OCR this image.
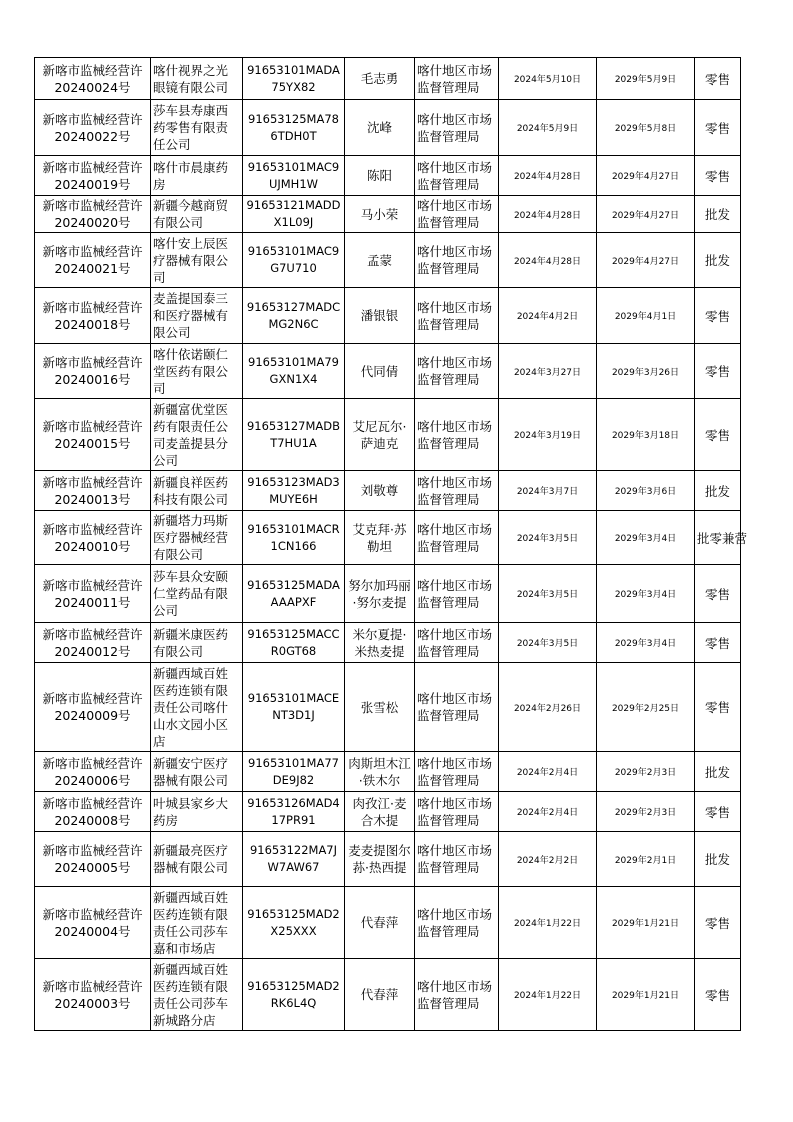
新喀市监械经营许20240024号	喀什视界之光眼镜有限公司	91653101MADA75YX82	毛志勇	喀什地区市场监督管理局	2024年5月10日	2029年5月9日	零售
新喀市监械经营许20240022号	莎车县寿康西药零售有限责任公司	91653125MA786TDH0T	沈峰	喀什地区市场监督管理局	2024年5月9日	2029年5月8日	零售
新喀市监械经营许20240019号	喀什市晨康药房	91653101MAC9UJMH1W	陈阳	喀什地区市场监督管理局	2024年4月28日	2029年4月27日	零售
新喀市监械经营许20240020号	新疆今越商贸有限公司	91653121MADDX1L09J	马小荣	喀什地区市场监督管理局	2024年4月28日	2029年4月27日	批发
新喀市监械经营许20240021号	喀什安上辰医疗器械有限公司	91653101MAC9G7U710	孟蒙	喀什地区市场监督管理局	2024年4月28日	2029年4月27日	批发
新喀市监械经营许20240018号	麦盖提国泰三和医疗器械有限公司	91653127MADCMG2N6C	潘银银	喀什地区市场监督管理局	2024年4月2日	2029年4月1日	零售
新喀市监械经营许20240016号	喀什依诺颐仁堂医药有限公司	91653101MA79GXN1X4	代同倩	喀什地区市场监督管理局	2024年3月27日	2029年3月26日	零售
新喀市监械经营许20240015号	新疆富优堂医药有限责任公司麦盖提县分公司	91653127MADBT7HU1A	艾尼瓦尔·萨迪克	喀什地区市场监督管理局	2024年3月19日	2029年3月18日	零售
新喀市监械经营许20240013号	新疆良祥医药科技有限公司	91653123MAD3MUYE6H	刘敬尊	喀什地区市场监督管理局	2024年3月7日	2029年3月6日	批发
新喀市监械经营许20240010号	新疆塔力玛斯医疗器械经营有限公司	91653101MACR1CN166	艾克拜·苏勒坦	喀什地区市场监督管理局	2024年3月5日	2029年3月4日	批零兼营
新喀市监械经营许20240011号	莎车县众安颐仁堂药品有限公司	91653125MADAAAAPXF	努尔加玛丽·努尔麦提	喀什地区市场监督管理局	2024年3月5日	2029年3月4日	零售
新喀市监械经营许20240012号	新疆米康医药有限公司	91653125MACCR0GT68	米尔夏提·米热麦提	喀什地区市场监督管理局	2024年3月5日	2029年3月4日	零售
新喀市监械经营许20240009号	新疆西域百姓医药连锁有限责任公司喀什山水文园小区店	91653101MACENT3D1J	张雪松	喀什地区市场监督管理局	2024年2月26日	2029年2月25日	零售
新喀市监械经营许20240006号	新疆安宁医疗器械有限公司	91653101MA77DE9J82	肉斯坦木江·铁木尔	喀什地区市场监督管理局	2024年2月4日	2029年2月3日	批发
新喀市监械经营许20240008号	叶城县家乡大药房	91653126MAD417PR91	肉孜江·麦合木提	喀什地区市场监督管理局	2024年2月4日	2029年2月3日	零售
新喀市监械经营许20240005号	新疆最亮医疗器械有限公司	91653122MA7JW7AW67	麦麦提图尔荪·热西提	喀什地区市场监督管理局	2024年2月2日	2029年2月1日	批发
新喀市监械经营许20240004号	新疆西域百姓医药连锁有限责任公司莎车嘉和市场店	91653125MAD2X25XXX	代春萍	喀什地区市场监督管理局	2024年1月22日	2029年1月21日	零售
新喀市监械经营许20240003号	新疆西域百姓医药连锁有限责任公司莎车新城路分店	91653125MAD2RK6L4Q	代春萍	喀什地区市场监督管理局	2024年1月22日	2029年1月21日	零售
